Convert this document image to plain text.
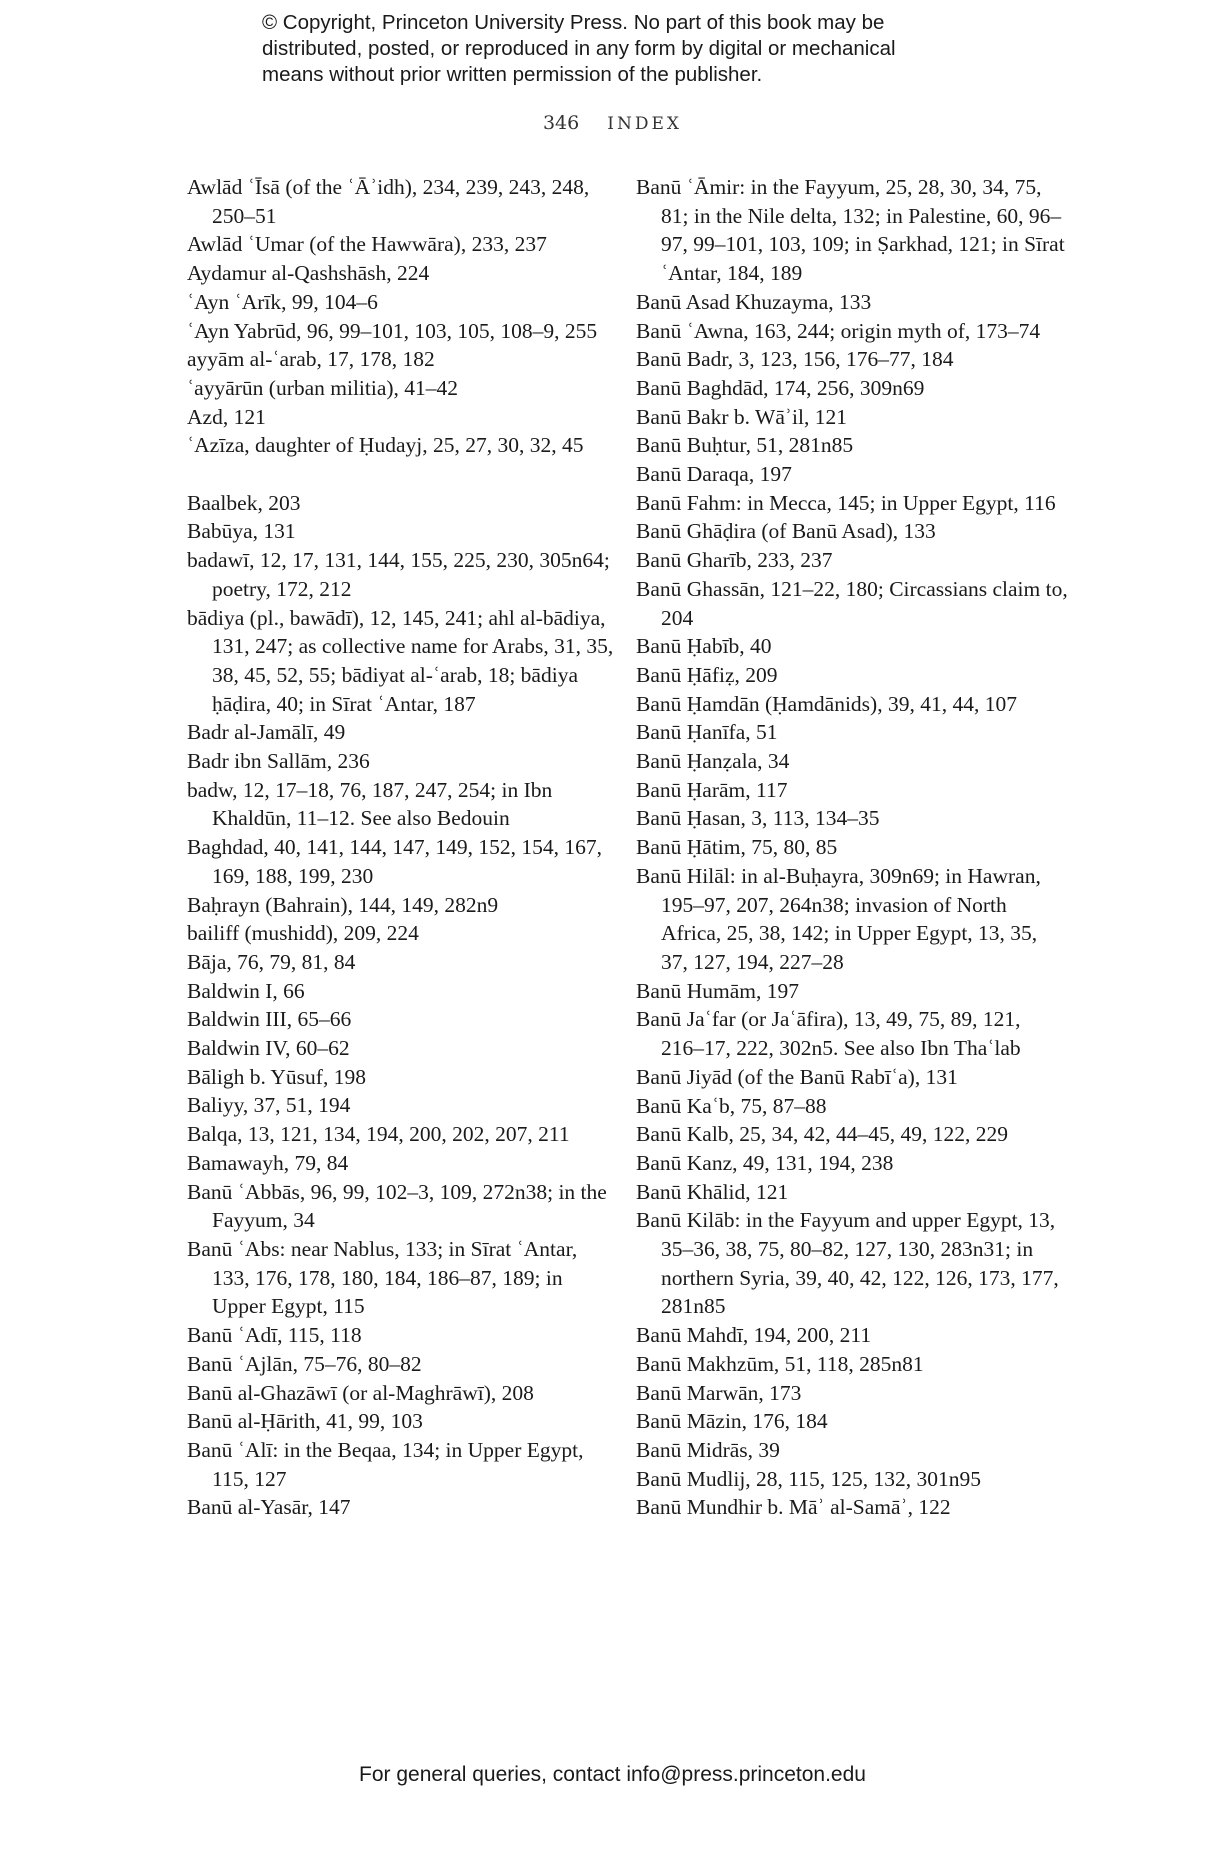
© Copyright, Princeton University Press. No part of this book may be
distributed, posted, or reproduced in any form by digital or mechanical
means without prior written permission of the publisher.
346 INDEX

Awlād ʿĪsā (of the ʿĀʾidh), 234, 239, 243, 248, 250–51

Awlād ʿUmar (of the Hawwāra), 233, 237

Aydamur al-Qashshāsh, 224

ʿAyn ʿArīk, 99, 104–6

ʿAyn Yabrūd, 96, 99–101, 103, 105, 108–9, 255

ayyām al-ʿarab, 17, 178, 182

ʿayyārūn (urban militia), 41–42

Azd, 121

ʿAzīza, daughter of Ḥudayj, 25, 27, 30, 32, 45

Baalbek, 203

Babūya, 131

badawī, 12, 17, 131, 144, 155, 225, 230, 305n64; poetry, 172, 212

bādiya (pl., bawādī), 12, 145, 241; ahl al-bādiya, 131, 247; as collective name for Arabs, 31, 35, 38, 45, 52, 55; bādiyat al-ʿarab, 18; bādiya ḥāḍira, 40; in Sīrat ʿAntar, 187

Badr al-Jamālī, 49

Badr ibn Sallām, 236

badw, 12, 17–18, 76, 187, 247, 254; in Ibn Khaldūn, 11–12. See also Bedouin

Baghdad, 40, 141, 144, 147, 149, 152, 154, 167, 169, 188, 199, 230

Baḥrayn (Bahrain), 144, 149, 282n9

bailiff (mushidd), 209, 224

Bāja, 76, 79, 81, 84

Baldwin I, 66

Baldwin III, 65–66

Baldwin IV, 60–62

Bāligh b. Yūsuf, 198

Baliyy, 37, 51, 194

Balqa, 13, 121, 134, 194, 200, 202, 207, 211

Bamawayh, 79, 84

Banū ʿAbbās, 96, 99, 102–3, 109, 272n38; in the Fayyum, 34

Banū ʿAbs: near Nablus, 133; in Sīrat ʿAntar, 133, 176, 178, 180, 184, 186–87, 189; in Upper Egypt, 115

Banū ʿAdī, 115, 118

Banū ʿAjlān, 75–76, 80–82

Banū al-Ghazāwī (or al-Maghrāwī), 208

Banū al-Ḥārith, 41, 99, 103

Banū ʿAlī: in the Beqaa, 134; in Upper Egypt, 115, 127

Banū al-Yasār, 147

Banū ʿĀmir: in the Fayyum, 25, 28, 30, 34, 75, 81; in the Nile delta, 132; in Palestine, 60, 96–97, 99–101, 103, 109; in Ṣarkhad, 121; in Sīrat ʿAntar, 184, 189

Banū Asad Khuzayma, 133

Banū ʿAwna, 163, 244; origin myth of, 173–74

Banū Badr, 3, 123, 156, 176–77, 184

Banū Baghdād, 174, 256, 309n69

Banū Bakr b. Wāʾil, 121

Banū Buḥtur, 51, 281n85

Banū Daraqa, 197

Banū Fahm: in Mecca, 145; in Upper Egypt, 116

Banū Ghāḍira (of Banū Asad), 133

Banū Gharīb, 233, 237

Banū Ghassān, 121–22, 180; Circassians claim to, 204

Banū Ḥabīb, 40

Banū Ḥāfiẓ, 209

Banū Ḥamdān (Ḥamdānids), 39, 41, 44, 107

Banū Ḥanīfa, 51

Banū Ḥanẓala, 34

Banū Ḥarām, 117

Banū Ḥasan, 3, 113, 134–35

Banū Ḥātim, 75, 80, 85

Banū Hilāl: in al-Buḥayra, 309n69; in Hawran, 195–97, 207, 264n38; invasion of North Africa, 25, 38, 142; in Upper Egypt, 13, 35, 37, 127, 194, 227–28

Banū Humām, 197

Banū Jaʿfar (or Jaʿāfira), 13, 49, 75, 89, 121, 216–17, 222, 302n5. See also Ibn Thaʿlab

Banū Jiyād (of the Banū Rabīʿa), 131

Banū Kaʿb, 75, 87–88

Banū Kalb, 25, 34, 42, 44–45, 49, 122, 229

Banū Kanz, 49, 131, 194, 238

Banū Khālid, 121

Banū Kilāb: in the Fayyum and upper Egypt, 13, 35–36, 38, 75, 80–82, 127, 130, 283n31; in northern Syria, 39, 40, 42, 122, 126, 173, 177, 281n85

Banū Mahdī, 194, 200, 211

Banū Makhzūm, 51, 118, 285n81

Banū Marwān, 173

Banū Māzin, 176, 184

Banū Midrās, 39

Banū Mudlij, 28, 115, 125, 132, 301n95

Banū Mundhir b. Māʾ al-Samāʾ, 122

For general queries, contact info@press.princeton.edu
